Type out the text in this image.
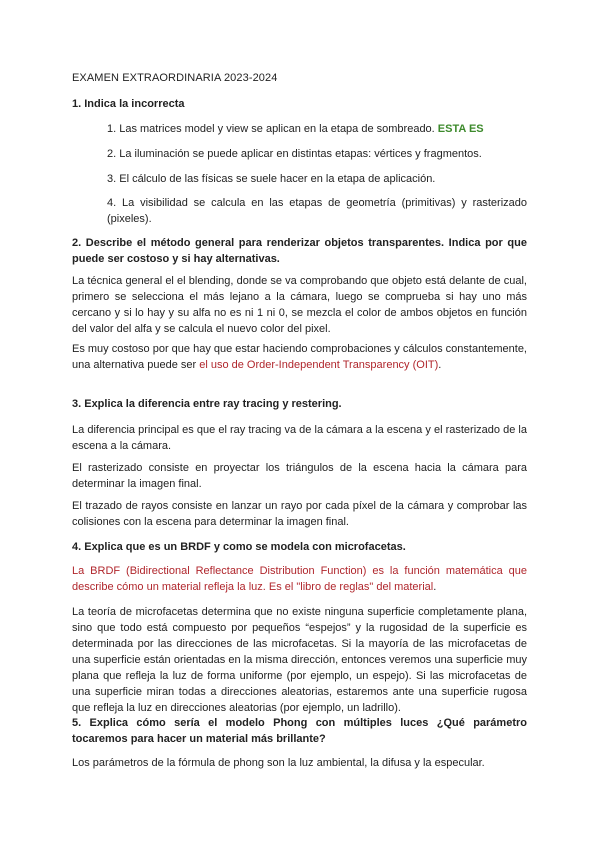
EXAMEN EXTRAORDINARIA 2023-2024

1. Indica la incorrecta

1. Las matrices model y view se aplican en la etapa de sombreado. ESTA ES

2. La iluminación se puede aplicar en distintas etapas: vértices y fragmentos.

3. El cálculo de las físicas se suele hacer en la etapa de aplicación.

4. La visibilidad se calcula en las etapas de geometría (primitivas) y rasterizado (pixeles).

2. Describe el método general para renderizar objetos transparentes. Indica por que puede ser costoso y si hay alternativas.

La técnica general el el blending, donde se va comprobando que objeto está delante de cual, primero se selecciona el más lejano a la cámara, luego se comprueba si hay uno más cercano y si lo hay y su alfa no es ni 1 ni 0, se mezcla el color de ambos objetos en función del valor del alfa y se calcula el nuevo color del pixel.

Es muy costoso por que hay que estar haciendo comprobaciones y cálculos constantemente, una alternativa puede ser el uso de Order-Independent Transparency (OIT).

3. Explica la diferencia entre ray tracing y restering.

La diferencia principal es que el ray tracing va de la cámara a la escena y el rasterizado de la escena a la cámara.

El rasterizado consiste en proyectar los triángulos de la escena hacia la cámara para determinar la imagen final.

El trazado de rayos consiste en lanzar un rayo por cada píxel de la cámara y comprobar las colisiones con la escena para determinar la imagen final.

4. Explica que es un BRDF y como se modela con microfacetas.

La BRDF (Bidirectional Reflectance Distribution Function) es la función matemática que describe cómo un material refleja la luz. Es el "libro de reglas" del material.

La teoría de microfacetas determina que no existe ninguna superficie completamente plana, sino que todo está compuesto por pequeños “espejos” y la rugosidad de la superficie es determinada por las direcciones de las microfacetas. Si la mayoría de las microfacetas de una superficie están orientadas en la misma dirección, entonces veremos una superficie muy plana que refleja la luz de forma uniforme (por ejemplo, un espejo). Si las microfacetas de una superficie miran todas a direcciones aleatorias, estaremos ante una superficie rugosa que refleja la luz en direcciones aleatorias (por ejemplo, un ladrillo).

5. Explica cómo sería el modelo Phong con múltiples luces ¿Qué parámetro tocaremos para hacer un material más brillante?

Los parámetros de la fórmula de phong son la luz ambiental, la difusa y la especular.
